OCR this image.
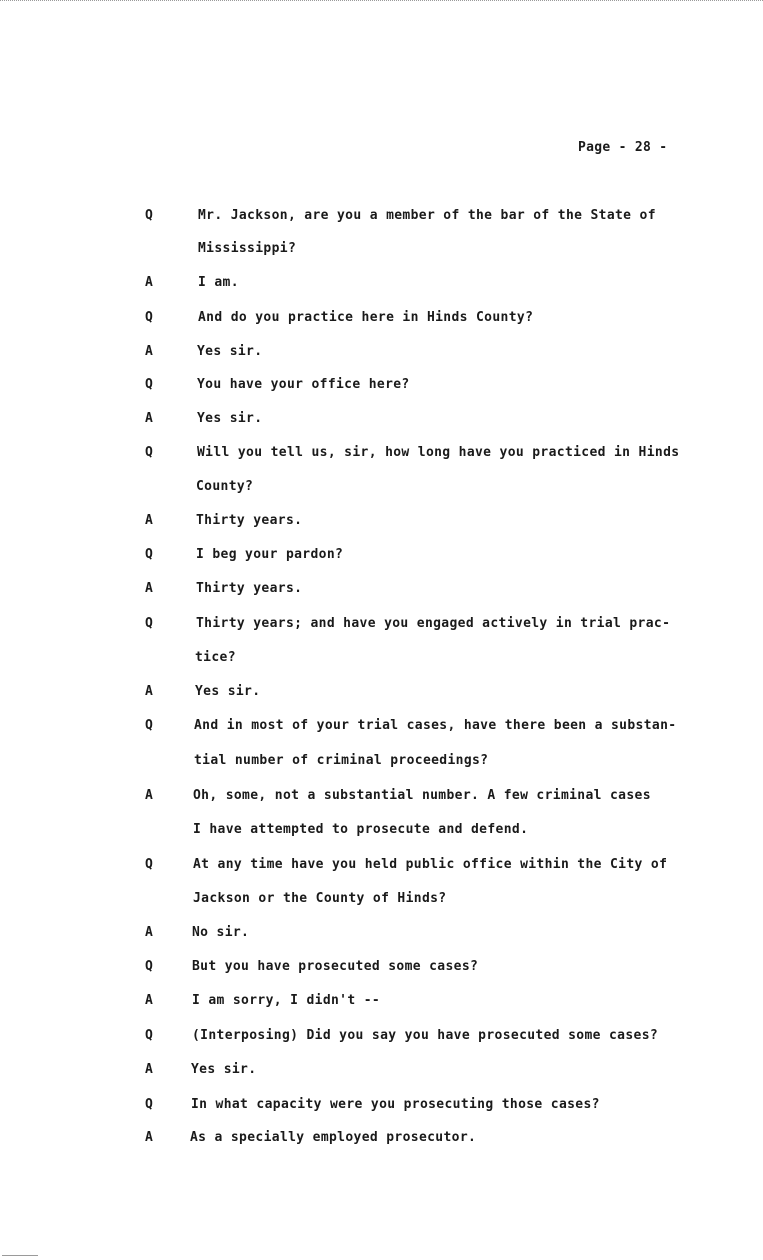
Page - 28 -
Q	Mr. Jackson, are you a member of the bar of the State of
Mississippi?
A	I am.
Q	And do you practice here in Hinds County?
A	Yes sir.
Q	You have your office here?
A	Yes sir.
Q	Will you tell us, sir, how long have you practiced in Hinds
County?
A	Thirty years.
Q	I beg your pardon?
A	Thirty years.
Q	Thirty years; and have you engaged actively in trial prac-
tice?
A	Yes sir.
Q	And in most of your trial cases, have there been a substan-
tial number of criminal proceedings?
A	Oh, some, not a substantial number. A few criminal cases
I have attempted to prosecute and defend.
Q	At any time have you held public office within the City of
Jackson or the County of Hinds?
A	No sir.
Q	But you have prosecuted some cases?
A	I am sorry, I didn't --
Q	(Interposing) Did you say you have prosecuted some cases?
A	Yes sir.
Q	In what capacity were you prosecuting those cases?
A	As a specially employed prosecutor.
